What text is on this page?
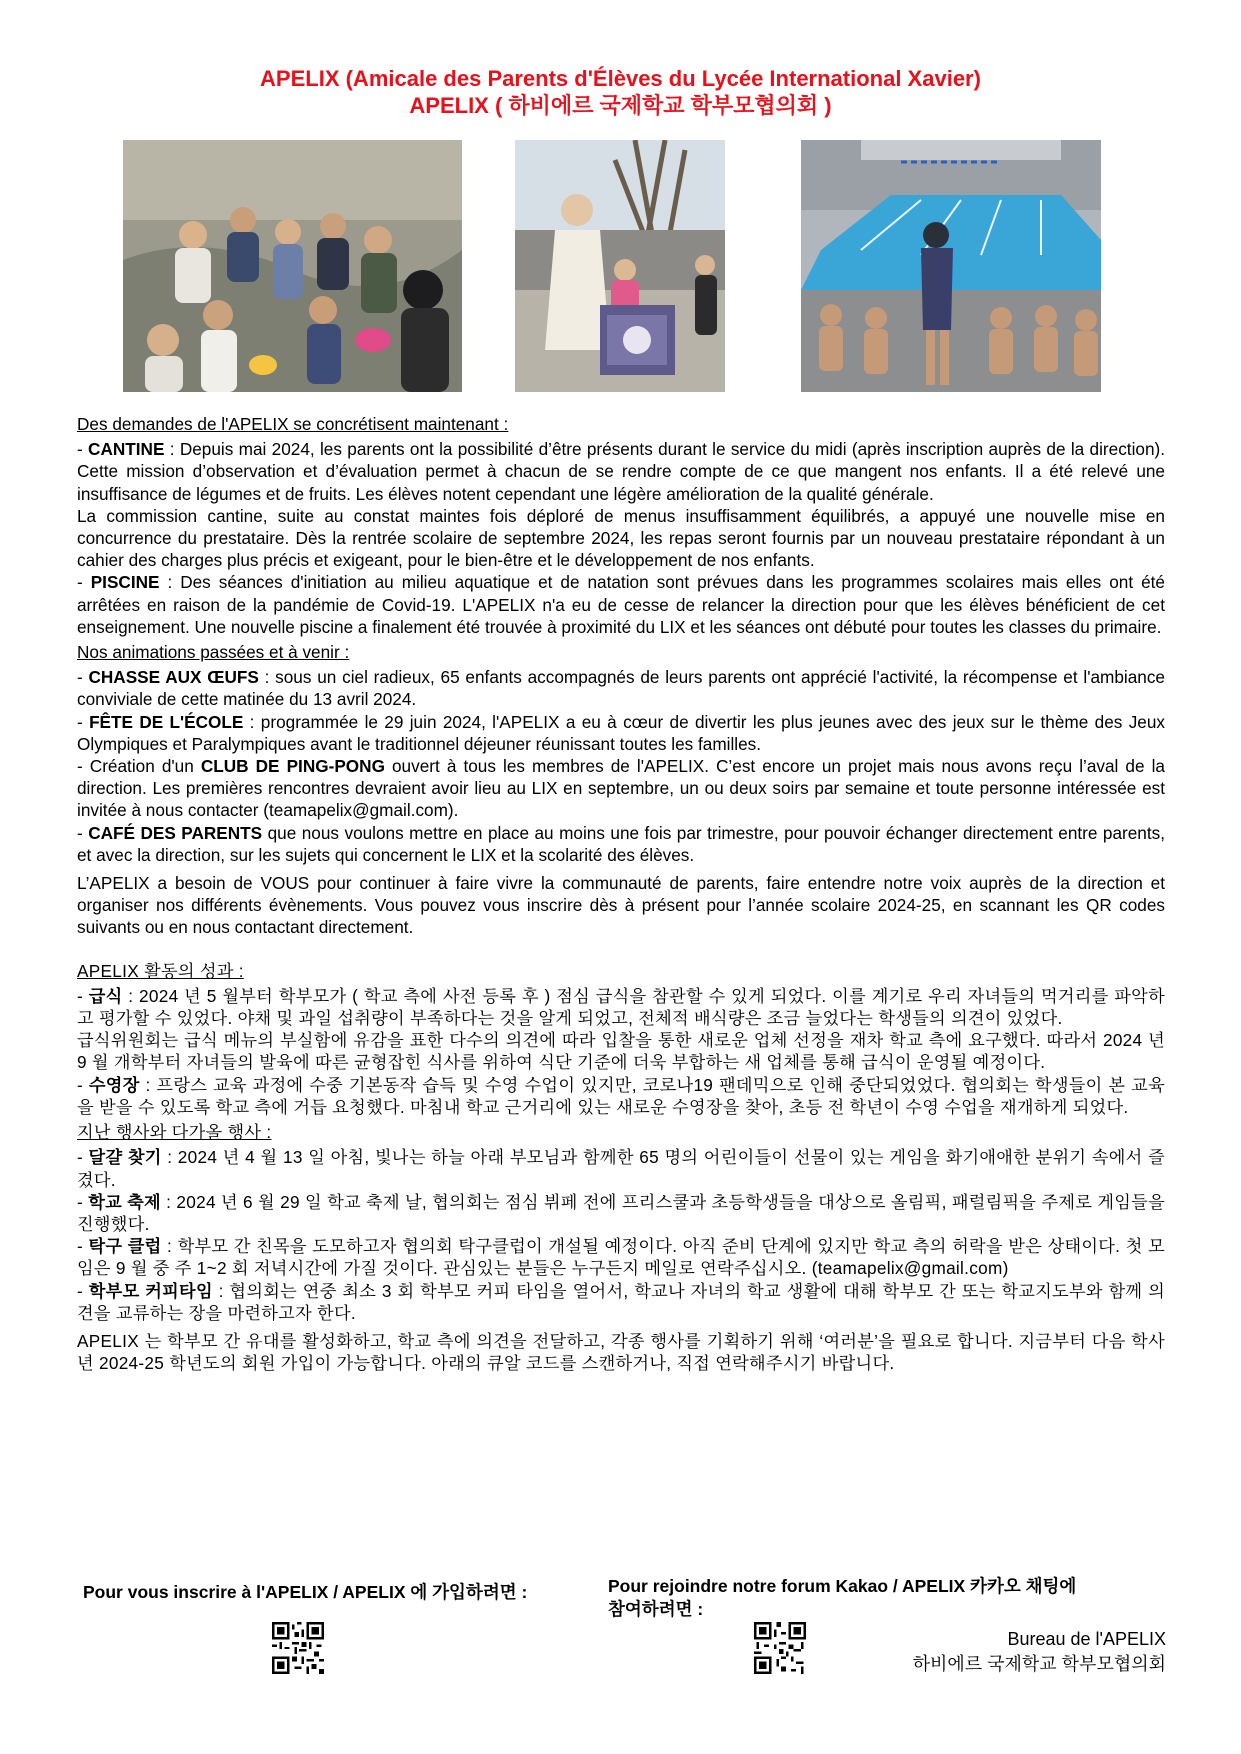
APELIX (Amicale des Parents d'Élèves du Lycée International Xavier)
APELIX ( 하비에르 국제학교 학부모협의회 )

Des demandes de l'APELIX se concrétisent maintenant :

- CANTINE : Depuis mai 2024, les parents ont la possibilité d’être présents durant le service du midi (après inscription auprès de la direction). Cette mission d’observation et d’évaluation permet à chacun de se rendre compte de ce que mangent nos enfants. Il a été relevé une insuffisance de légumes et de fruits. Les élèves notent cependant une légère amélioration de la qualité générale.

La commission cantine, suite au constat maintes fois déploré de menus insuffisamment équilibrés, a appuyé une nouvelle mise en concurrence du prestataire. Dès la rentrée scolaire de septembre 2024, les repas seront fournis par un nouveau prestataire répondant à un cahier des charges plus précis et exigeant, pour le bien-être et le développement de nos enfants.

- PISCINE : Des séances d'initiation au milieu aquatique et de natation sont prévues dans les programmes scolaires mais elles ont été arrêtées en raison de la pandémie de Covid-19. L'APELIX n'a eu de cesse de relancer la direction pour que les élèves bénéficient de cet enseignement. Une nouvelle piscine a finalement été trouvée à proximité du LIX et les séances ont débuté pour toutes les classes du primaire.

Nos animations passées et à venir :

- CHASSE AUX ŒUFS : sous un ciel radieux, 65 enfants accompagnés de leurs parents ont apprécié l'activité, la récompense et l'ambiance conviviale de cette matinée du 13 avril 2024.

- FÊTE DE L'ÉCOLE : programmée le 29 juin 2024, l'APELIX a eu à cœur de divertir les plus jeunes avec des jeux sur le thème des Jeux Olympiques et Paralympiques avant le traditionnel déjeuner réunissant toutes les familles.

- Création d'un CLUB DE PING-PONG ouvert à tous les membres de l'APELIX. C’est encore un projet mais nous avons reçu l’aval de la direction. Les premières rencontres devraient avoir lieu au LIX en septembre, un ou deux soirs par semaine et toute personne intéressée est invitée à nous contacter (teamapelix@gmail.com).

- CAFÉ DES PARENTS que nous voulons mettre en place au moins une fois par trimestre, pour pouvoir échanger directement entre parents, et avec la direction, sur les sujets qui concernent le LIX et la scolarité des élèves.

L’APELIX a besoin de VOUS pour continuer à faire vivre la communauté de parents, faire entendre notre voix auprès de la direction et organiser nos différents évènements. Vous pouvez vous inscrire dès à présent pour l’année scolaire 2024-25, en scannant les QR codes suivants ou en nous contactant directement.

APELIX 활동의 성과 :

- 급식 : 2024 년 5 월부터 학부모가 ( 학교 측에 사전 등록 후 ) 점심 급식을 참관할 수 있게 되었다. 이를 계기로 우리 자녀들의 먹거리를 파악하고 평가할 수 있었다. 야채 및 과일 섭취량이 부족하다는 것을 알게 되었고, 전체적 배식량은 조금 늘었다는 학생들의 의견이 있었다.

급식위원회는 급식 메뉴의 부실함에 유감을 표한 다수의 의견에 따라 입찰을 통한 새로운 업체 선정을 재차 학교 측에 요구했다. 따라서 2024 년 9 월 개학부터 자녀들의 발육에 따른 균형잡힌 식사를 위하여 식단 기준에 더욱 부합하는 새 업체를 통해 급식이 운영될 예정이다.

- 수영장 : 프랑스 교육 과정에 수중 기본동작 습득 및 수영 수업이 있지만, 코로나19 팬데믹으로 인해 중단되었었다. 협의회는 학생들이 본 교육을 받을 수 있도록 학교 측에 거듭 요청했다. 마침내 학교 근거리에 있는 새로운 수영장을 찾아, 초등 전 학년이 수영 수업을 재개하게 되었다.

지난 행사와 다가올 행사 :

- 달걀 찾기 : 2024 년 4 월 13 일 아침, 빛나는 하늘 아래 부모님과 함께한 65 명의 어린이들이 선물이 있는 게임을 화기애애한 분위기 속에서 즐겼다.

- 학교 축제 : 2024 년 6 월 29 일 학교 축제 날, 협의회는 점심 뷔페 전에 프리스쿨과 초등학생들을 대상으로 올림픽, 패럴림픽을 주제로 게임들을 진행했다.

- 탁구 클럽 : 학부모 간 친목을 도모하고자 협의회 탁구클럽이 개설될 예정이다. 아직 준비 단계에 있지만 학교 측의 허락을 받은 상태이다. 첫 모임은 9 월 중 주 1~2 회 저녁시간에 가질 것이다. 관심있는 분들은 누구든지 메일로 연락주십시오. (teamapelix@gmail.com)

- 학부모 커피타임 : 협의회는 연중 최소 3 회 학부모 커피 타임을 열어서, 학교나 자녀의 학교 생활에 대해 학부모 간 또는 학교지도부와 함께 의견을 교류하는 장을 마련하고자 한다.

APELIX 는 학부모 간 유대를 활성화하고, 학교 측에 의견을 전달하고, 각종 행사를 기획하기 위해 ‘여러분’을 필요로 합니다. 지금부터 다음 학사년 2024-25 학년도의 회원 가입이 가능합니다. 아래의 큐알 코드를 스캔하거나, 직접 연락해주시기 바랍니다.

Pour vous inscrire à l'APELIX / APELIX 에 가입하려면 :	Pour rejoindre notre forum Kakao / APELIX 카카오 채팅에
참여하려면 :
Bureau de l'APELIX
하비에르 국제학교 학부모협의회
